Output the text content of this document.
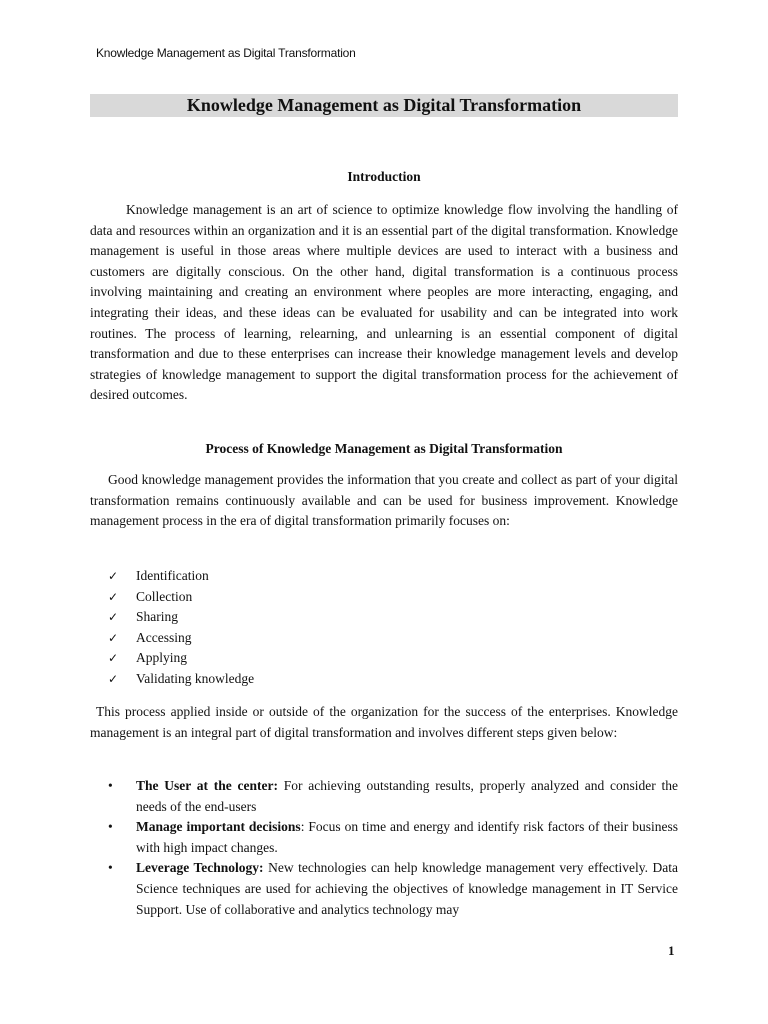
Knowledge Management as Digital Transformation
Knowledge Management as Digital Transformation
Introduction

Knowledge management is an art of science to optimize knowledge flow involving the handling of data and resources within an organization and it is an essential part of the digital transformation. Knowledge management is useful in those areas where multiple devices are used to interact with a business and customers are digitally conscious. On the other hand, digital transformation is a continuous process involving maintaining and creating an environment where peoples are more interacting, engaging, and integrating their ideas, and these ideas can be evaluated for usability and can be integrated into work routines. The process of learning, relearning, and unlearning is an essential component of digital transformation and due to these enterprises can increase their knowledge management levels and develop strategies of knowledge management to support the digital transformation process for the achievement of desired outcomes.

Process of Knowledge Management as Digital Transformation

Good knowledge management provides the information that you create and collect as part of your digital transformation remains continuously available and can be used for business improvement. Knowledge management process in the era of digital transformation primarily focuses on:

✓	Identification
✓	Collection
✓	Sharing
✓	Accessing
✓	Applying
✓	Validating knowledge

This process applied inside or outside of the organization for the success of the enterprises. Knowledge management is an integral part of digital transformation and involves different steps given below:

•	The User at the center: For achieving outstanding results, properly analyzed and consider the needs of the end-users
•	Manage important decisions: Focus on time and energy and identify risk factors of their business with high impact changes.
•	Leverage Technology: New technologies can help knowledge management very effectively. Data Science techniques are used for achieving the objectives of knowledge management in IT Service Support. Use of collaborative and analytics technology may
1
